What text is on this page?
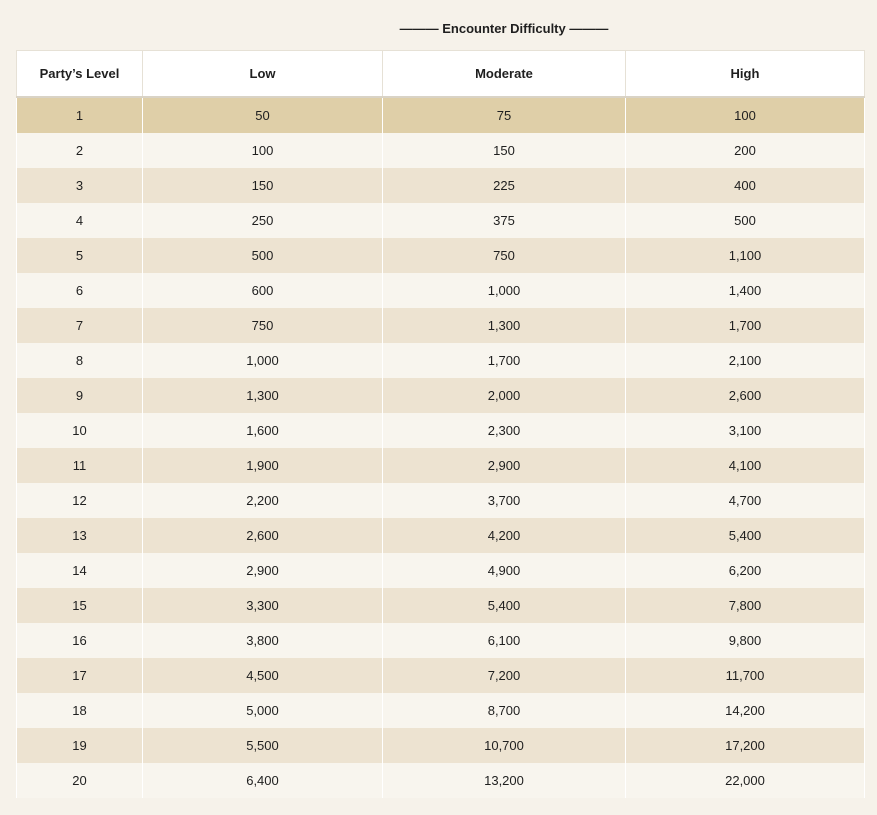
——— Encounter Difficulty ———
Party’s Level	Low	Moderate	High
1	50	75	100
2	100	150	200
3	150	225	400
4	250	375	500
5	500	750	1,100
6	600	1,000	1,400
7	750	1,300	1,700
8	1,000	1,700	2,100
9	1,300	2,000	2,600
10	1,600	2,300	3,100
11	1,900	2,900	4,100
12	2,200	3,700	4,700
13	2,600	4,200	5,400
14	2,900	4,900	6,200
15	3,300	5,400	7,800
16	3,800	6,100	9,800
17	4,500	7,200	11,700
18	5,000	8,700	14,200
19	5,500	10,700	17,200
20	6,400	13,200	22,000
